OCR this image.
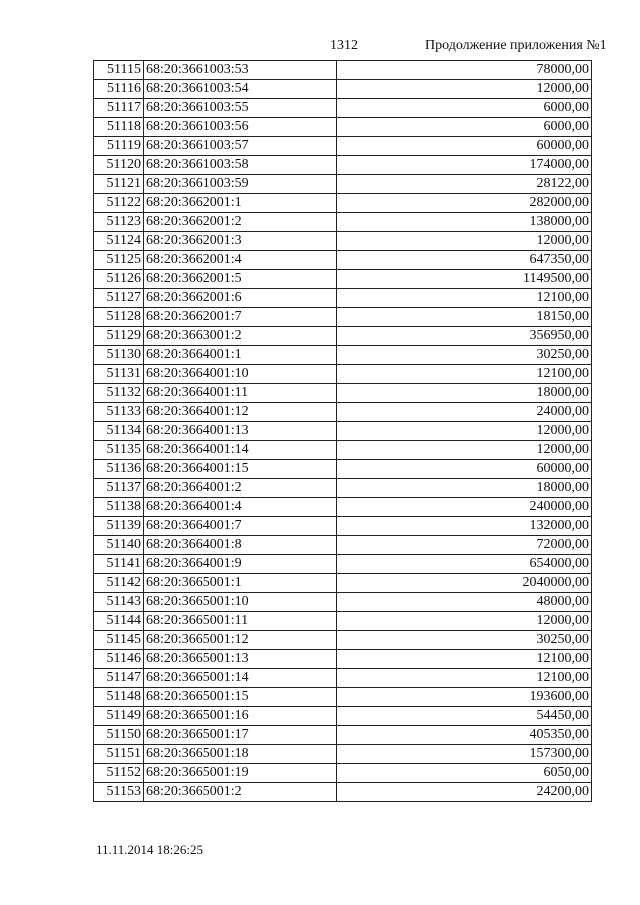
1312	Продолжение приложения №1
51115	68:20:3661003:53	78000,00
51116	68:20:3661003:54	12000,00
51117	68:20:3661003:55	6000,00
51118	68:20:3661003:56	6000,00
51119	68:20:3661003:57	60000,00
51120	68:20:3661003:58	174000,00
51121	68:20:3661003:59	28122,00
51122	68:20:3662001:1	282000,00
51123	68:20:3662001:2	138000,00
51124	68:20:3662001:3	12000,00
51125	68:20:3662001:4	647350,00
51126	68:20:3662001:5	1149500,00
51127	68:20:3662001:6	12100,00
51128	68:20:3662001:7	18150,00
51129	68:20:3663001:2	356950,00
51130	68:20:3664001:1	30250,00
51131	68:20:3664001:10	12100,00
51132	68:20:3664001:11	18000,00
51133	68:20:3664001:12	24000,00
51134	68:20:3664001:13	12000,00
51135	68:20:3664001:14	12000,00
51136	68:20:3664001:15	60000,00
51137	68:20:3664001:2	18000,00
51138	68:20:3664001:4	240000,00
51139	68:20:3664001:7	132000,00
51140	68:20:3664001:8	72000,00
51141	68:20:3664001:9	654000,00
51142	68:20:3665001:1	2040000,00
51143	68:20:3665001:10	48000,00
51144	68:20:3665001:11	12000,00
51145	68:20:3665001:12	30250,00
51146	68:20:3665001:13	12100,00
51147	68:20:3665001:14	12100,00
51148	68:20:3665001:15	193600,00
51149	68:20:3665001:16	54450,00
51150	68:20:3665001:17	405350,00
51151	68:20:3665001:18	157300,00
51152	68:20:3665001:19	6050,00
51153	68:20:3665001:2	24200,00
11.11.2014 18:26:25
